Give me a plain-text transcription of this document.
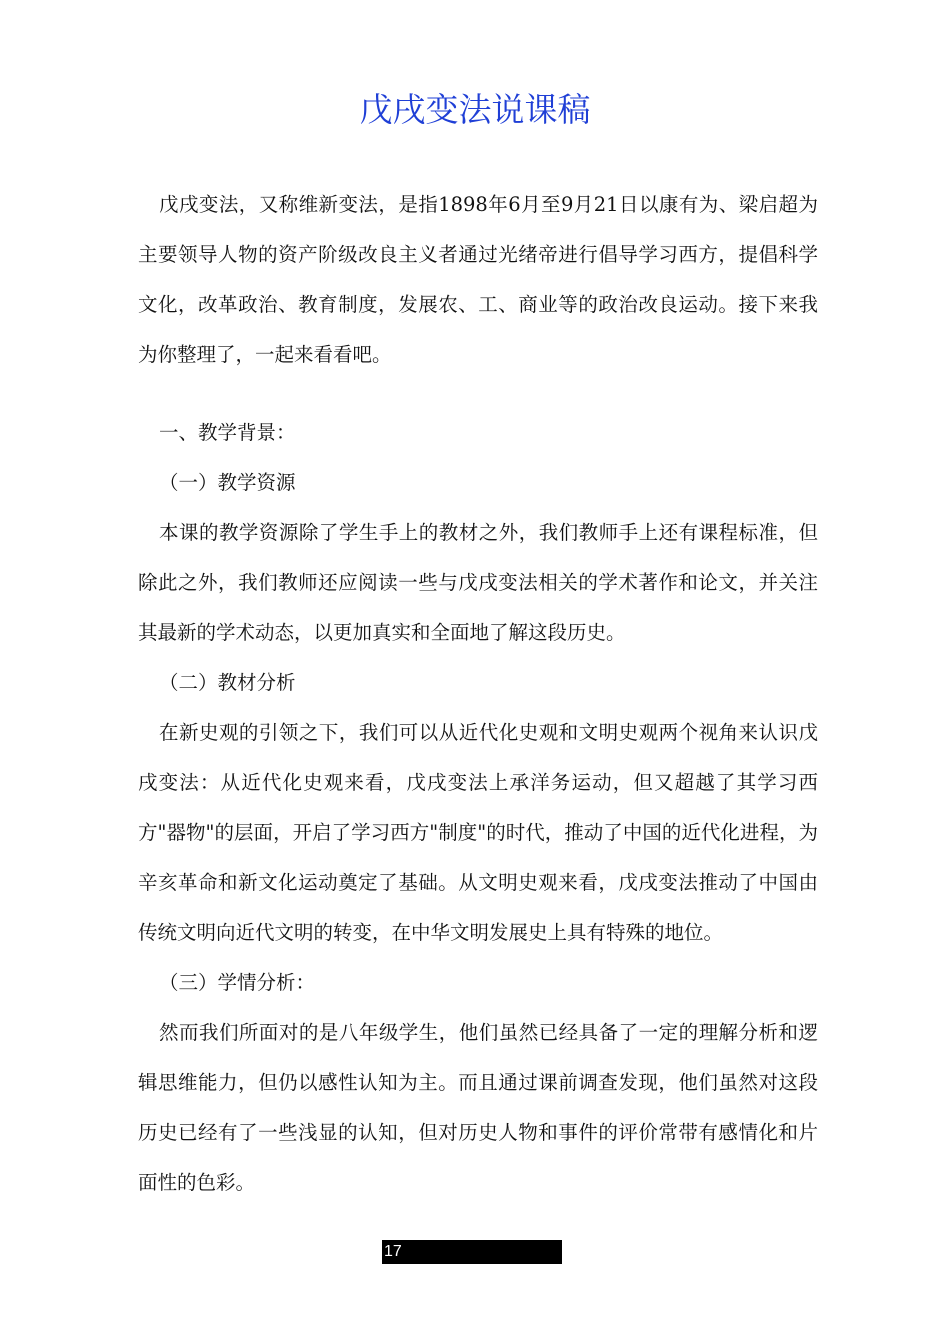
戊戌变法说课稿

戊戌变法，又称维新变法，是指1898年6月至9月21日以康有为、梁启超为主要领导人物的资产阶级改良主义者通过光绪帝进行倡导学习西方，提倡科学文化，改革政治、教育制度，发展农、工、商业等的政治改良运动。接下来我为你整理了，一起来看看吧。

一、教学背景：

（一）教学资源

本课的教学资源除了学生手上的教材之外，我们教师手上还有课程标准，但除此之外，我们教师还应阅读一些与戊戌变法相关的学术著作和论文，并关注其最新的学术动态，以更加真实和全面地了解这段历史。

（二）教材分析

在新史观的引领之下，我们可以从近代化史观和文明史观两个视角来认识戊戌变法：从近代化史观来看，戊戌变法上承洋务运动，但又超越了其学习西方"器物"的层面，开启了学习西方"制度"的时代，推动了中国的近代化进程，为辛亥革命和新文化运动奠定了基础。从文明史观来看，戊戌变法推动了中国由传统文明向近代文明的转变，在中华文明发展史上具有特殊的地位。

（三）学情分析：

然而我们所面对的是八年级学生，他们虽然已经具备了一定的理解分析和逻辑思维能力，但仍以感性认知为主。而且通过课前调查发现，他们虽然对这段历史已经有了一些浅显的认知，但对历史人物和事件的评价常带有感情化和片面性的色彩。

17
